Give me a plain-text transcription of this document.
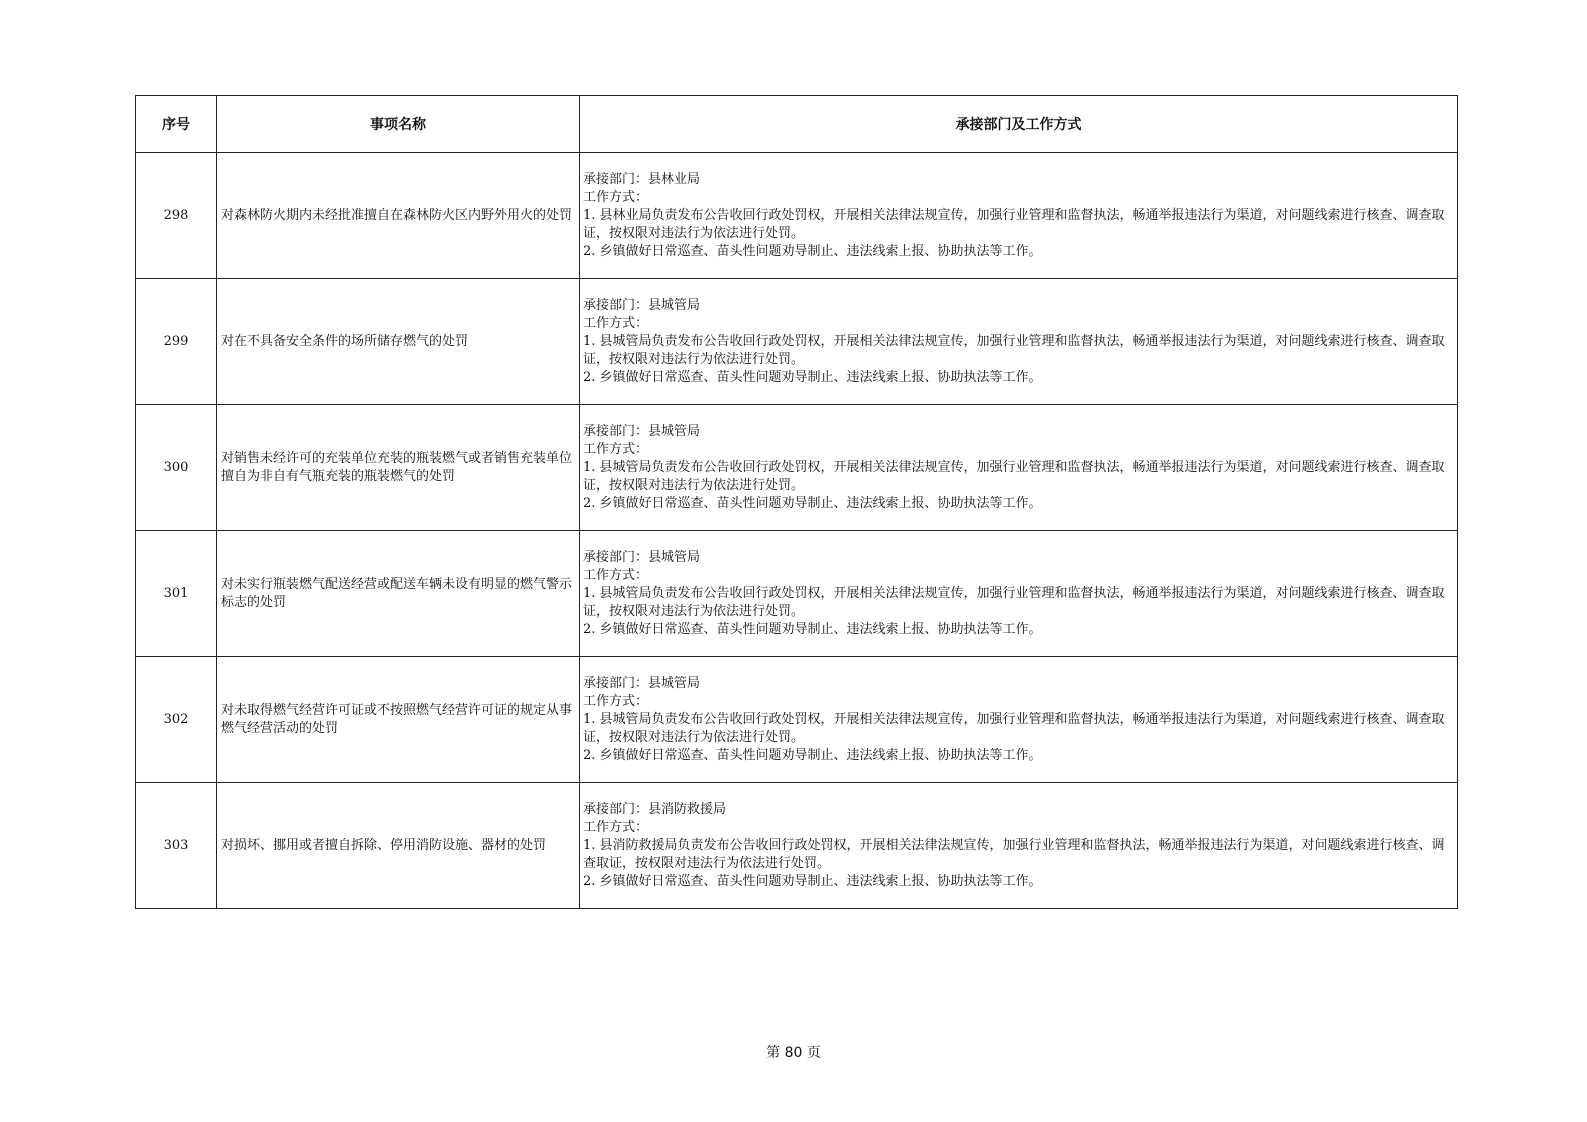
序号	事项名称	承接部门及工作方式
298	对森林防火期内未经批准擅自在森林防火区内野外用火的处罚	承接部门：县林业局
工作方式：
1. 县林业局负责发布公告收回行政处罚权，开展相关法律法规宣传，加强行业管理和监督执法，畅通举报违法行为渠道，对问题线索进行核查、调查取证，按权限对违法行为依法进行处罚。
2. 乡镇做好日常巡查、苗头性问题劝导制止、违法线索上报、协助执法等工作。

299	对在不具备安全条件的场所储存燃气的处罚	承接部门：县城管局
工作方式：
1. 县城管局负责发布公告收回行政处罚权，开展相关法律法规宣传，加强行业管理和监督执法，畅通举报违法行为渠道，对问题线索进行核查、调查取证，按权限对违法行为依法进行处罚。
2. 乡镇做好日常巡查、苗头性问题劝导制止、违法线索上报、协助执法等工作。

300	对销售未经许可的充装单位充装的瓶装燃气或者销售充装单位擅自为非自有气瓶充装的瓶装燃气的处罚	承接部门：县城管局
工作方式：
1. 县城管局负责发布公告收回行政处罚权，开展相关法律法规宣传，加强行业管理和监督执法，畅通举报违法行为渠道，对问题线索进行核查、调查取证，按权限对违法行为依法进行处罚。
2. 乡镇做好日常巡查、苗头性问题劝导制止、违法线索上报、协助执法等工作。

301	对未实行瓶装燃气配送经营或配送车辆未设有明显的燃气警示标志的处罚	承接部门：县城管局
工作方式：
1. 县城管局负责发布公告收回行政处罚权，开展相关法律法规宣传，加强行业管理和监督执法，畅通举报违法行为渠道，对问题线索进行核查、调查取证，按权限对违法行为依法进行处罚。
2. 乡镇做好日常巡查、苗头性问题劝导制止、违法线索上报、协助执法等工作。

302	对未取得燃气经营许可证或不按照燃气经营许可证的规定从事燃气经营活动的处罚	承接部门：县城管局
工作方式：
1. 县城管局负责发布公告收回行政处罚权，开展相关法律法规宣传，加强行业管理和监督执法，畅通举报违法行为渠道，对问题线索进行核查、调查取证，按权限对违法行为依法进行处罚。
2. 乡镇做好日常巡查、苗头性问题劝导制止、违法线索上报、协助执法等工作。

303	对损坏、挪用或者擅自拆除、停用消防设施、器材的处罚	承接部门：县消防救援局
工作方式：
1. 县消防救援局负责发布公告收回行政处罚权，开展相关法律法规宣传，加强行业管理和监督执法，畅通举报违法行为渠道，对问题线索进行核查、调查取证，按权限对违法行为依法进行处罚。
2. 乡镇做好日常巡查、苗头性问题劝导制止、违法线索上报、协助执法等工作。
第 80 页
